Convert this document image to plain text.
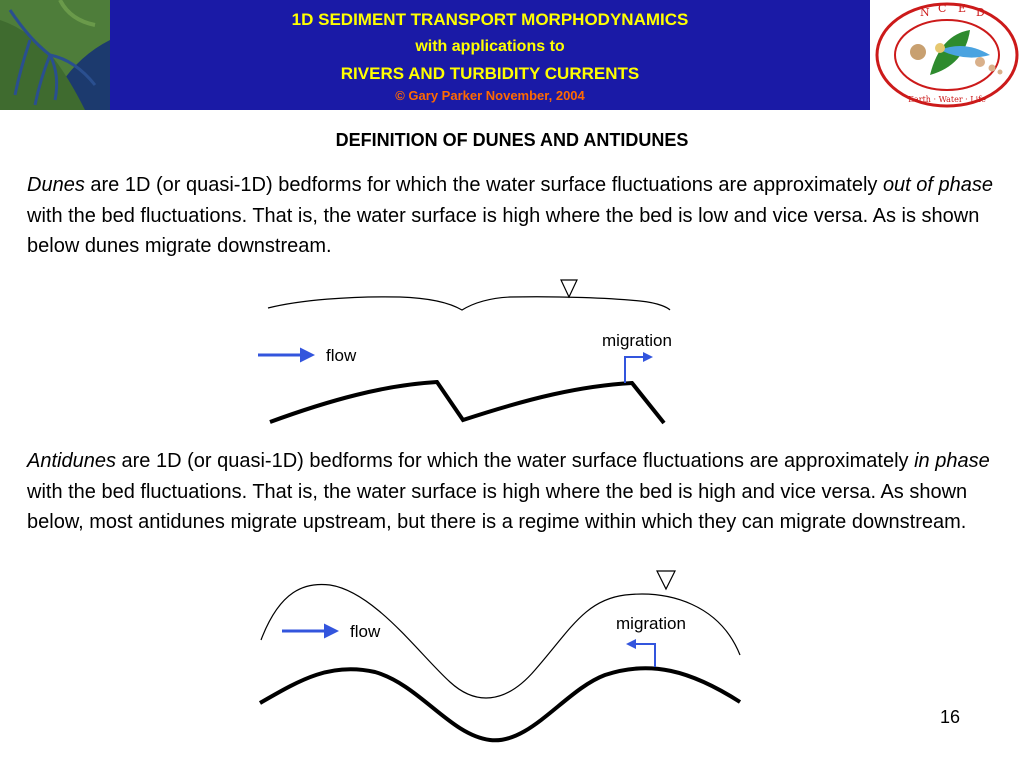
1D SEDIMENT TRANSPORT MORPHODYNAMICS
with applications to
RIVERS AND TURBIDITY CURRENTS
© Gary Parker November, 2004
N C E D
Earth · Water · Life
DEFINITION OF DUNES AND ANTIDUNES

Dunes are 1D (or quasi-1D) bedforms for which the water surface fluctuations are approximately out of phase with the bed fluctuations. That is, the water surface is high where the bed is low and vice versa. As is shown below dunes migrate downstream.

Antidunes are 1D (or quasi-1D) bedforms for which the water surface fluctuations are approximately in phase with the bed fluctuations. That is, the water surface is high where the bed is high and vice versa. As shown below, most antidunes migrate upstream, but there is a regime within which they can migrate downstream.

flow
migration
flow	migration
16
